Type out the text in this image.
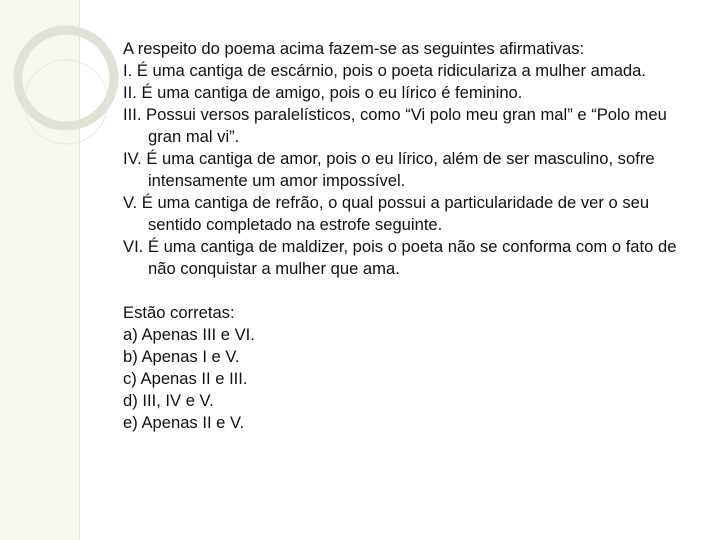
A respeito do poema acima fazem-se as seguintes afirmativas:

I. É uma cantiga de escárnio, pois o poeta ridiculariza a mulher amada.

II. É uma cantiga de amigo, pois o eu lírico é feminino.

III. Possui versos paralelísticos, como “Vi polo meu gran mal” e “Polo meu gran mal vi”.

IV. É uma cantiga de amor, pois o eu lírico, além de ser masculino, sofre intensamente um amor impossível.

V. É uma cantiga de refrão, o qual possui a particularidade de ver o seu sentido completado na estrofe seguinte.

VI. É uma cantiga de maldizer, pois o poeta não se conforma com o fato de não conquistar a mulher que ama.

Estão corretas:

a) Apenas III e VI.

b) Apenas I e V.

c) Apenas II e III.

d) III, IV e V.

e) Apenas II e V.
